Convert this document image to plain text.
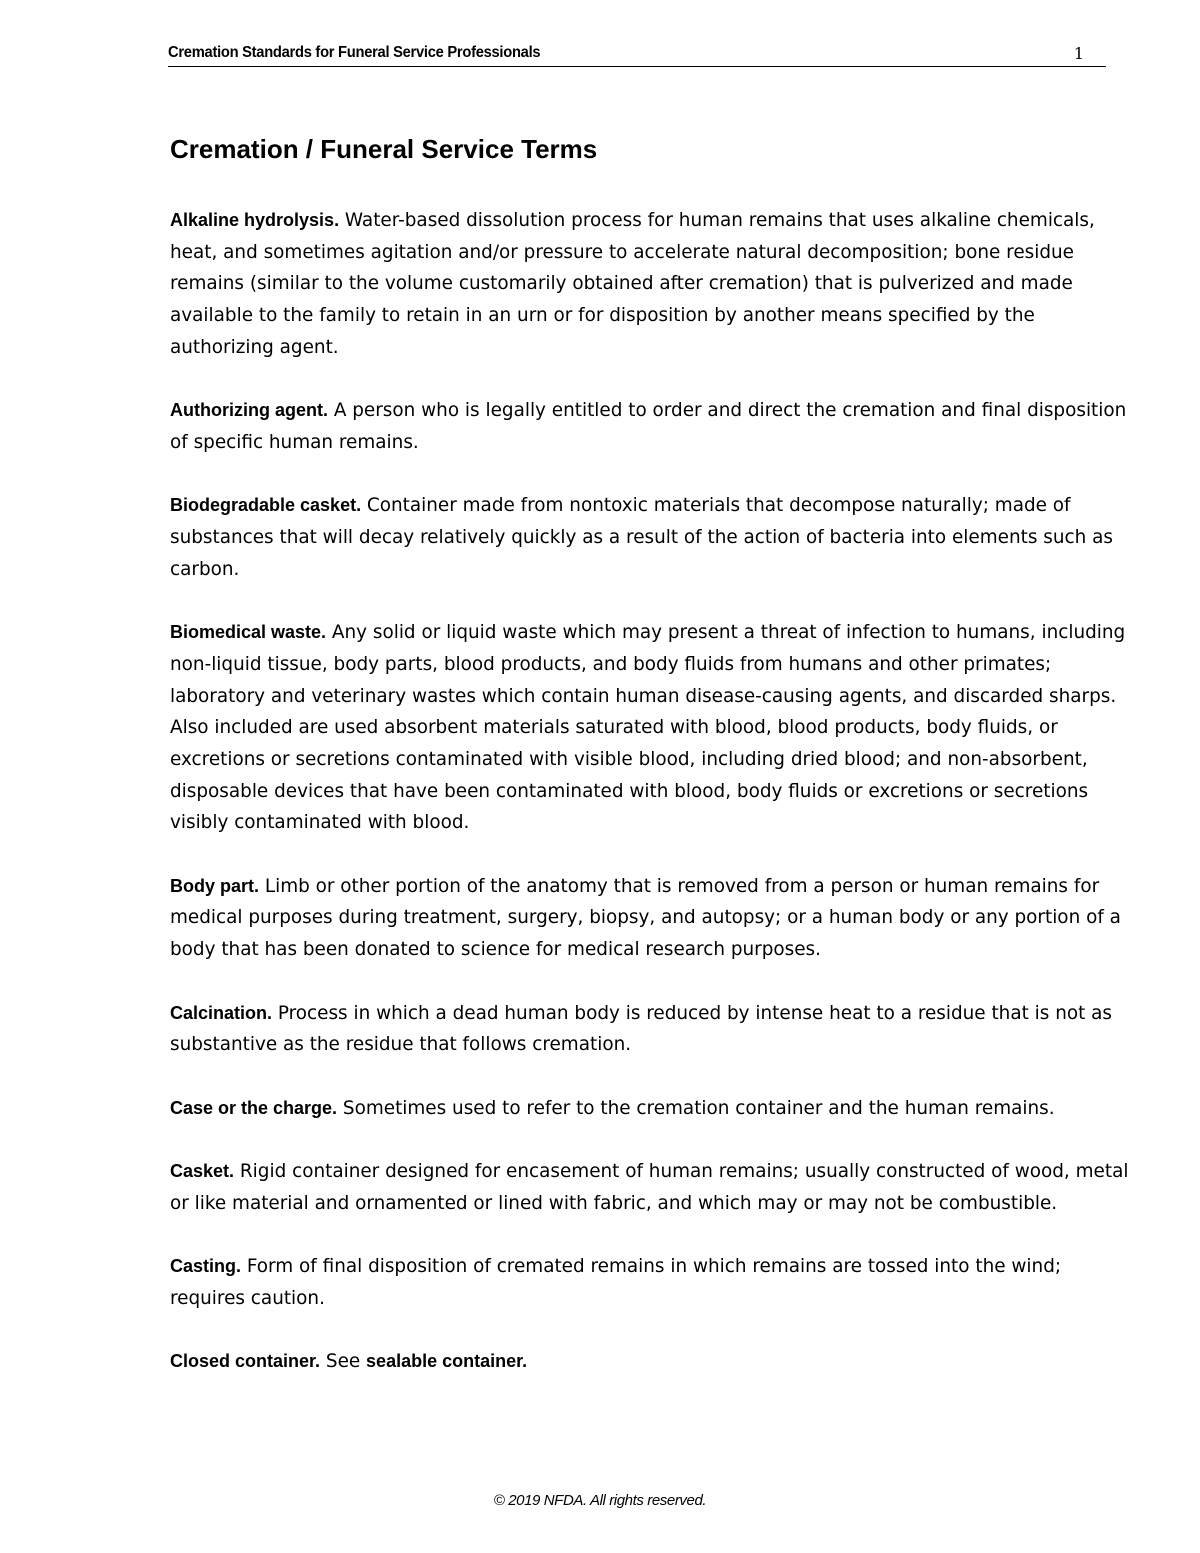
Cremation Standards for Funeral Service Professionals	1
Cremation / Funeral Service Terms

Alkaline hydrolysis. Water-based dissolution process for human remains that uses alkaline chemicals, heat, and sometimes agitation and/or pressure to accelerate natural decomposition; bone residue remains (similar to the volume customarily obtained after cremation) that is pulverized and made available to the family to retain in an urn or for disposition by another means specified by the authorizing agent.

Authorizing agent. A person who is legally entitled to order and direct the cremation and final disposition of specific human remains.

Biodegradable casket. Container made from nontoxic materials that decompose naturally; made of substances that will decay relatively quickly as a result of the action of bacteria into elements such as carbon.

Biomedical waste. Any solid or liquid waste which may present a threat of infection to humans, including non-liquid tissue, body parts, blood products, and body fluids from humans and other primates; laboratory and veterinary wastes which contain human disease-causing agents, and discarded sharps. Also included are used absorbent materials saturated with blood, blood products, body fluids, or excretions or secretions contaminated with visible blood, including dried blood; and non-absorbent, disposable devices that have been contaminated with blood, body fluids or excretions or secretions visibly contaminated with blood.

Body part. Limb or other portion of the anatomy that is removed from a person or human remains for medical purposes during treatment, surgery, biopsy, and autopsy; or a human body or any portion of a body that has been donated to science for medical research purposes.

Calcination. Process in which a dead human body is reduced by intense heat to a residue that is not as substantive as the residue that follows cremation.

Case or the charge. Sometimes used to refer to the cremation container and the human remains.

Casket. Rigid container designed for encasement of human remains; usually constructed of wood, metal or like material and ornamented or lined with fabric, and which may or may not be combustible.

Casting. Form of final disposition of cremated remains in which remains are tossed into the wind; requires caution.

Closed container. See sealable container.

© 2019 NFDA. All rights reserved.
